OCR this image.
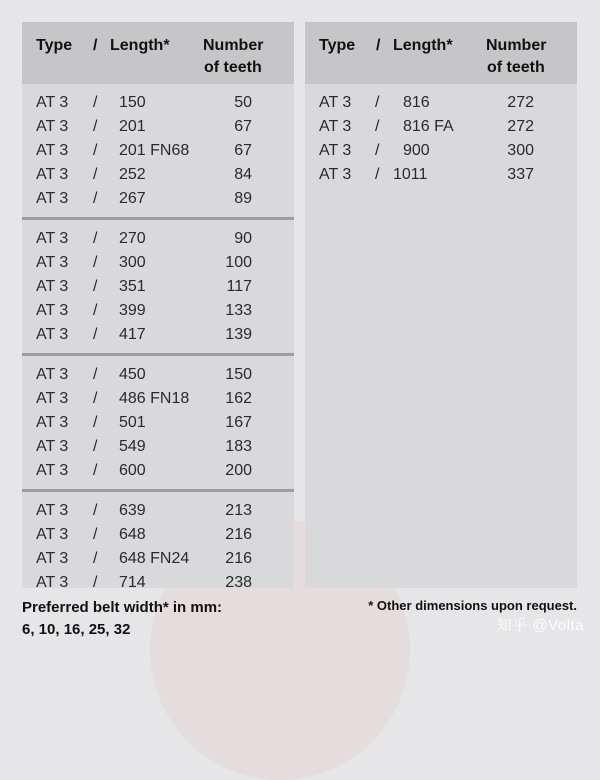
Type / Length* Number
of teeth
AT 3 / 150	50
AT 3 / 201	67
AT 3 / 201 FN68	67
AT 3 / 252	84
AT 3 / 267	89
AT 3 / 270	90
AT 3 / 300	100
AT 3 / 351	117
AT 3 / 399	133
AT 3 / 417	139
AT 3 / 450	150
AT 3 / 486 FN18 162
AT 3 / 501	167
AT 3 / 549	183
AT 3 / 600	200
AT 3 / 639	213
AT 3 / 648	216
AT 3 / 648 FN24 216
AT 3 / 714	238
Type / Length* Number
of teeth
AT 3 / 816	272
AT 3 / 816 FA	272
AT 3 / 900	300
AT 3 / 1011	337
Preferred belt width* in mm:
6, 10, 16, 25, 32
* Other dimensions upon request.
知乎 @Volta
